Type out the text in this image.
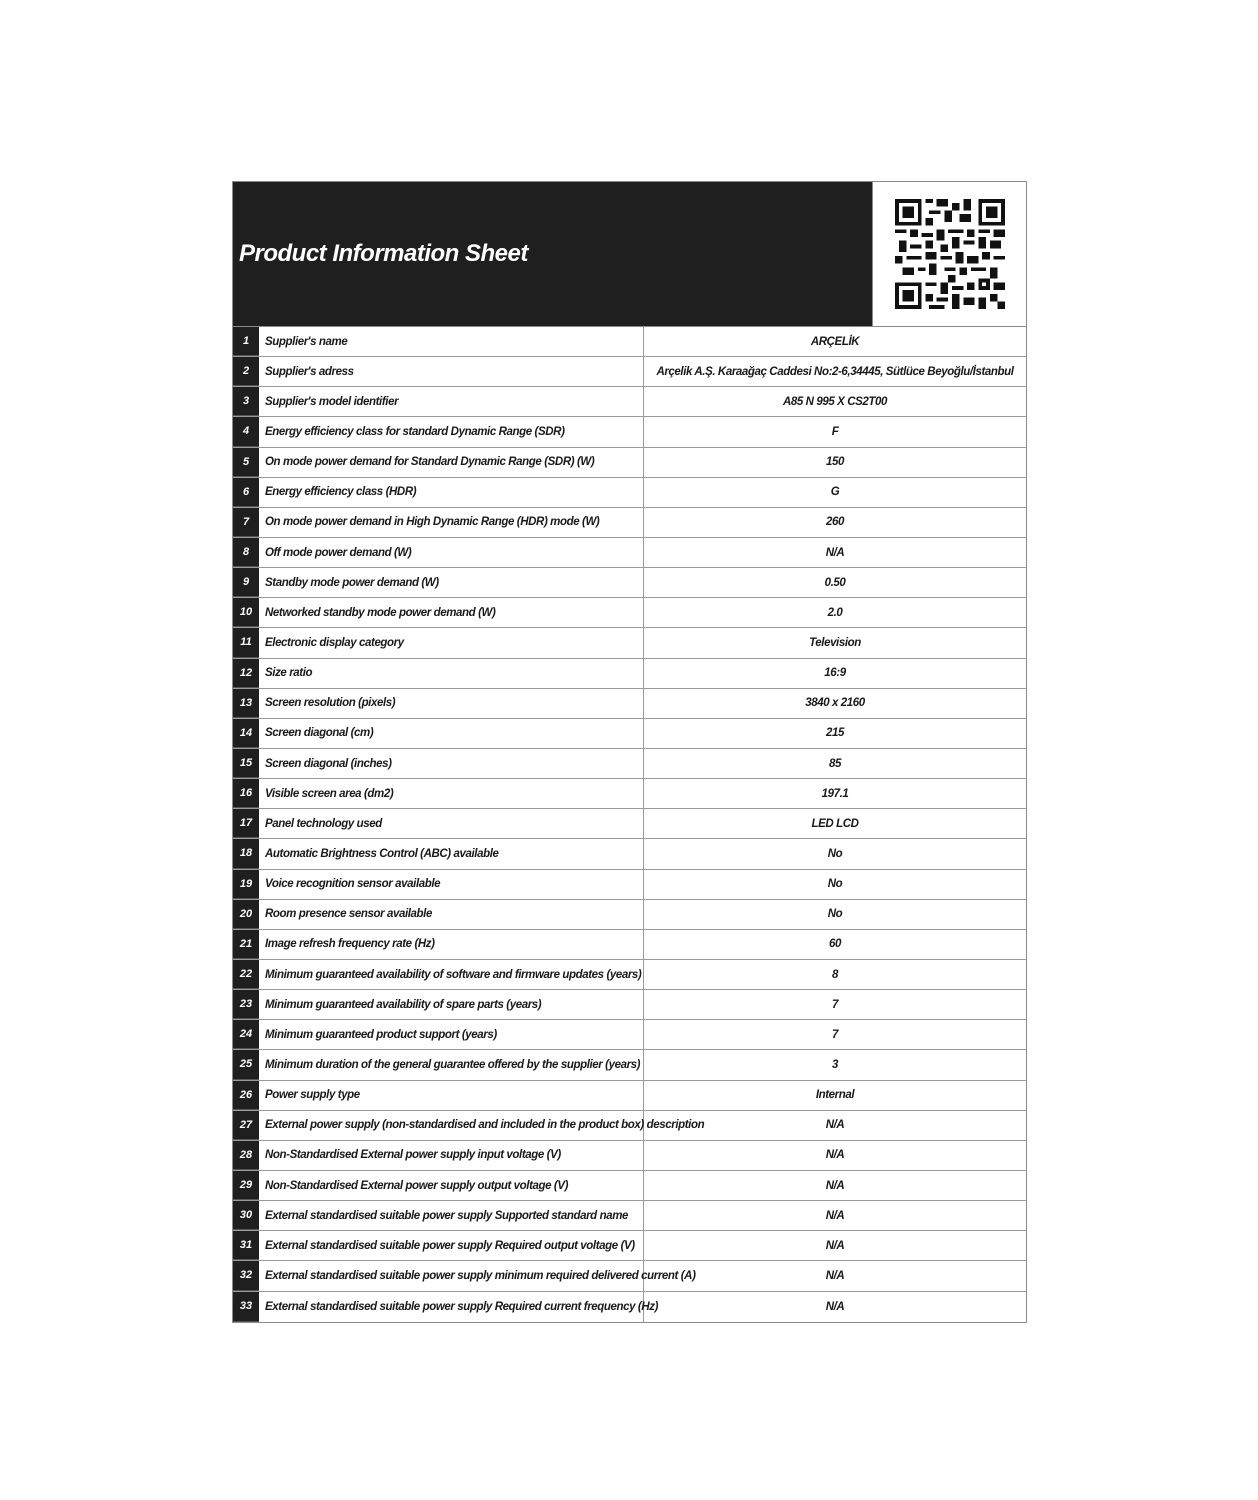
Product Information Sheet
1	Supplier's name	ARÇELİK
2	Supplier's adress	Arçelik A.Ş. Karaağaç Caddesi No:2-6,34445, Sütlüce Beyoğlu/İstanbul
3	Supplier's model identifier	A85 N 995 X CS2T00
4	Energy efficiency class for standard Dynamic Range (SDR)	F
5	On mode power demand for Standard Dynamic Range (SDR) (W)	150
6	Energy efficiency class (HDR)	G
7	On mode power demand in High Dynamic Range (HDR) mode (W)	260
8	Off mode power demand (W)	N/A
9	Standby mode power demand (W)	0.50
10	Networked standby mode power demand (W)	2.0
11	Electronic display category	Television
12	Size ratio	16:9
13	Screen resolution (pixels)	3840 x 2160
14	Screen diagonal (cm)	215
15	Screen diagonal (inches)	85
16	Visible screen area (dm2)	197.1
17	Panel technology used	LED LCD
18	Automatic Brightness Control (ABC) available	No
19	Voice recognition sensor available	No
20	Room presence sensor available	No
21	Image refresh frequency rate (Hz)	60
22	Minimum guaranteed availability of software and firmware updates (years)	8
23	Minimum guaranteed availability of spare parts (years)	7
24	Minimum guaranteed product support (years)	7
25	Minimum duration of the general guarantee offered by the supplier (years)	3
26	Power supply type	Internal
27	External power supply (non-standardised and included in the product box) description	N/A
28	Non-Standardised External power supply input voltage (V)	N/A
29	Non-Standardised External power supply output voltage (V)	N/A
30	External standardised suitable power supply Supported standard name	N/A
31	External standardised suitable power supply Required output voltage (V)	N/A
32	External standardised suitable power supply minimum required delivered current (A)	N/A
33	External standardised suitable power supply Required current frequency (Hz)	N/A
